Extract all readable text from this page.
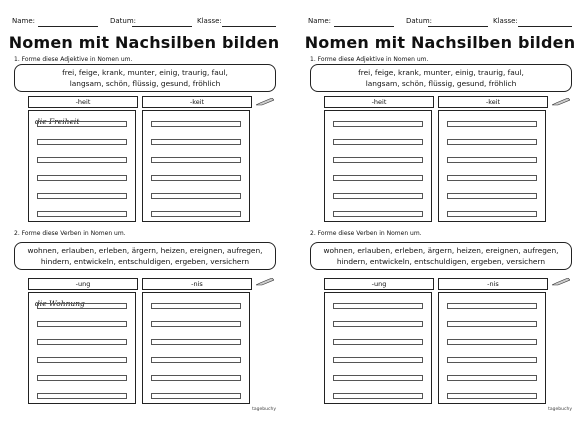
Name:	Datum:	Klasse:
Nomen mit Nachsilben bilden
1. Forme diese Adjektive in Nomen um.
frei, feige, krank, munter, einig, traurig, faul,
langsam, schön, flüssig, gesund, fröhlich
-heit	-keit
die Freiheit
2. Forme diese Verben in Nomen um.
wohnen, erlauben, erleben, ärgern, heizen, ereignen, aufregen,
hindern, entwickeln, entschuldigen, ergeben, versichern
-ung	-nis
die Wohnung
tagebuchy
Name:	Datum:	Klasse:
Nomen mit Nachsilben bilden
1. Forme diese Adjektive in Nomen um.
frei, feige, krank, munter, einig, traurig, faul,
langsam, schön, flüssig, gesund, fröhlich
-heit	-keit
2. Forme diese Verben in Nomen um.
wohnen, erlauben, erleben, ärgern, heizen, ereignen, aufregen,
hindern, entwickeln, entschuldigen, ergeben, versichern
-ung	-nis
tagebuchy
